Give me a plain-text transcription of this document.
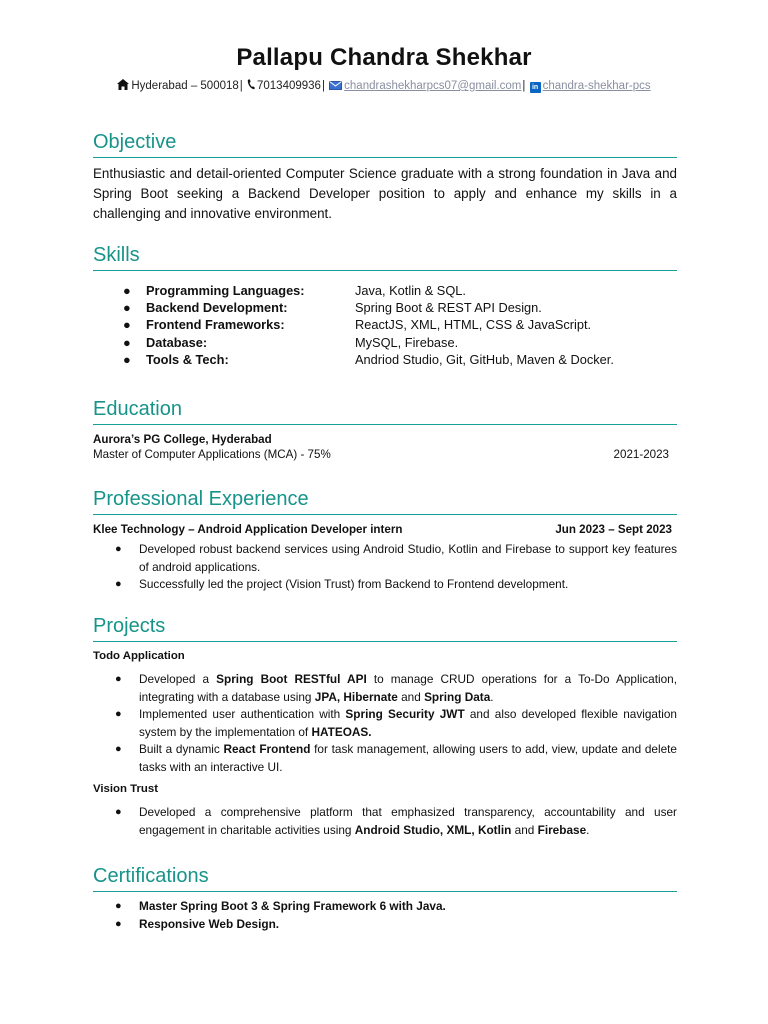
Pallapu Chandra Shekhar
Hyderabad – 500018| 7013409936| chandrashekharpcs07@gmail.com| in chandra-shekhar-pcs
Objective
Enthusiastic and detail-oriented Computer Science graduate with a strong foundation in Java and Spring Boot seeking a Backend Developer position to apply and enhance my skills in a challenging and innovative environment.
Skills
● Programming Languages:	Java, Kotlin & SQL.
● Backend Development:	Spring Boot & REST API Design.
● Frontend Frameworks:	ReactJS, XML, HTML, CSS & JavaScript.
● Database:	MySQL, Firebase.
● Tools & Tech:	Andriod Studio, Git, GitHub, Maven & Docker.
Education
Aurora’s PG College, Hyderabad
Master of Computer Applications (MCA) - 75%	2021-2023
Professional Experience
Klee Technology – Android Application Developer intern	Jun 2023 – Sept 2023
● Developed robust backend services using Android Studio, Kotlin and Firebase to support key features of android applications.
● Successfully led the project (Vision Trust) from Backend to Frontend development.
Projects
Todo Application
● Developed a Spring Boot RESTful API to manage CRUD operations for a To-Do Application, integrating with a database using JPA, Hibernate and Spring Data.
● Implemented user authentication with Spring Security JWT and also developed flexible navigation system by the implementation of HATEOAS.
● Built a dynamic React Frontend for task management, allowing users to add, view, update and delete tasks with an interactive UI.
Vision Trust
● Developed a comprehensive platform that emphasized transparency, accountability and user engagement in charitable activities using Android Studio, XML, Kotlin and Firebase.
Certifications
● Master Spring Boot 3 & Spring Framework 6 with Java.
● Responsive Web Design.
